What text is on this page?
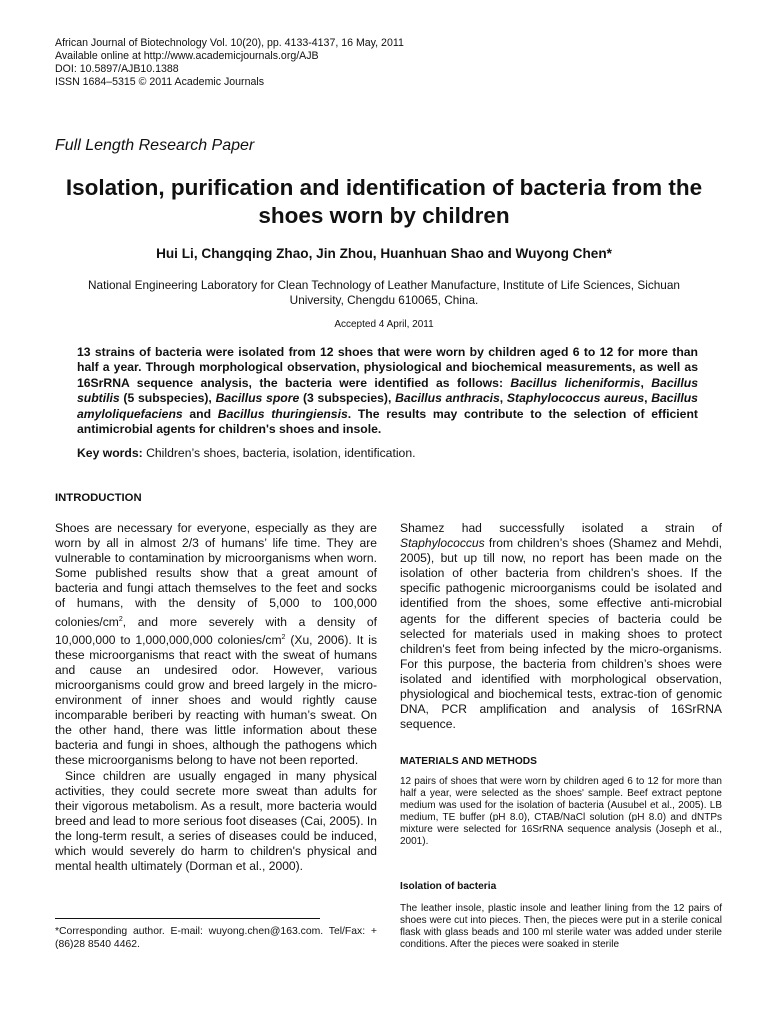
African Journal of Biotechnology Vol. 10(20), pp. 4133-4137, 16 May, 2011
Available online at http://www.academicjournals.org/AJB
DOI: 10.5897/AJB10.1388
ISSN 1684–5315 © 2011 Academic Journals
Full Length Research Paper
Isolation, purification and identification of bacteria from the shoes worn by children
Hui Li, Changqing Zhao, Jin Zhou, Huanhuan Shao and Wuyong Chen*
National Engineering Laboratory for Clean Technology of Leather Manufacture, Institute of Life Sciences, Sichuan University, Chengdu 610065, China.
Accepted 4 April, 2011
13 strains of bacteria were isolated from 12 shoes that were worn by children aged 6 to 12 for more than half a year. Through morphological observation, physiological and biochemical measurements, as well as 16SrRNA sequence analysis, the bacteria were identified as follows: Bacillus licheniformis, Bacillus subtilis (5 subspecies), Bacillus spore (3 subspecies), Bacillus anthracis, Staphylococcus aureus, Bacillus amyloliquefaciens and Bacillus thuringiensis. The results may contribute to the selection of efficient antimicrobial agents for children's shoes and insole.
Key words: Children’s shoes, bacteria, isolation, identification.
INTRODUCTION

Shoes are necessary for everyone, especially as they are worn by all in almost 2/3 of humans’ life time. They are vulnerable to contamination by microorganisms when worn. Some published results show that a great amount of bacteria and fungi attach themselves to the feet and socks of humans, with the density of 5,000 to 100,000 colonies/$cm^2$, and more severely with a density of 10,000,000 to 1,000,000,000 colonies/$cm^2$ (Xu, 2006). It is these microorganisms that react with the sweat of humans and cause an undesired odor. However, various microorganisms could grow and breed largely in the micro-environment of inner shoes and would rightly cause incomparable beriberi by reacting with human’s sweat. On the other hand, there was little information about these bacteria and fungi in shoes, although the pathogens which these microorganisms belong to have not been reported.

Since children are usually engaged in many physical activities, they could secrete more sweat than adults for their vigorous metabolism. As a result, more bacteria would breed and lead to more serious foot diseases (Cai, 2005). In the long-term result, a series of diseases could be induced, which would severely do harm to children's physical and mental health ultimately (Dorman et al., 2000).

Shamez had successfully isolated a strain of Staphylococcus from children’s shoes (Shamez and Mehdi, 2005), but up till now, no report has been made on the isolation of other bacteria from children’s shoes. If the specific pathogenic microorganisms could be isolated and identified from the shoes, some effective anti-microbial agents for the different species of bacteria could be selected for materials used in making shoes to protect children's feet from being infected by the micro-organisms. For this purpose, the bacteria from children’s shoes were isolated and identified with morphological observation, physiological and biochemical tests, extrac-tion of genomic DNA, PCR amplification and analysis of 16SrRNA sequence.

MATERIALS AND METHODS
12 pairs of shoes that were worn by children aged 6 to 12 for more than half a year, were selected as the shoes' sample. Beef extract peptone medium was used for the isolation of bacteria (Ausubel et al., 2005). LB medium, TE buffer (pH 8.0), CTAB/NaCl solution (pH 8.0) and dNTPs mixture were selected for 16SrRNA sequence analysis (Joseph et al., 2001).
Isolation of bacteria
The leather insole, plastic insole and leather lining from the 12 pairs of shoes were cut into pieces. Then, the pieces were put in a sterile conical flask with glass beads and 100 ml sterile water was added under sterile conditions. After the pieces were soaked in sterile
*Corresponding author. E-mail: wuyong.chen@163.com. Tel/Fax: + (86)28 8540 4462.
